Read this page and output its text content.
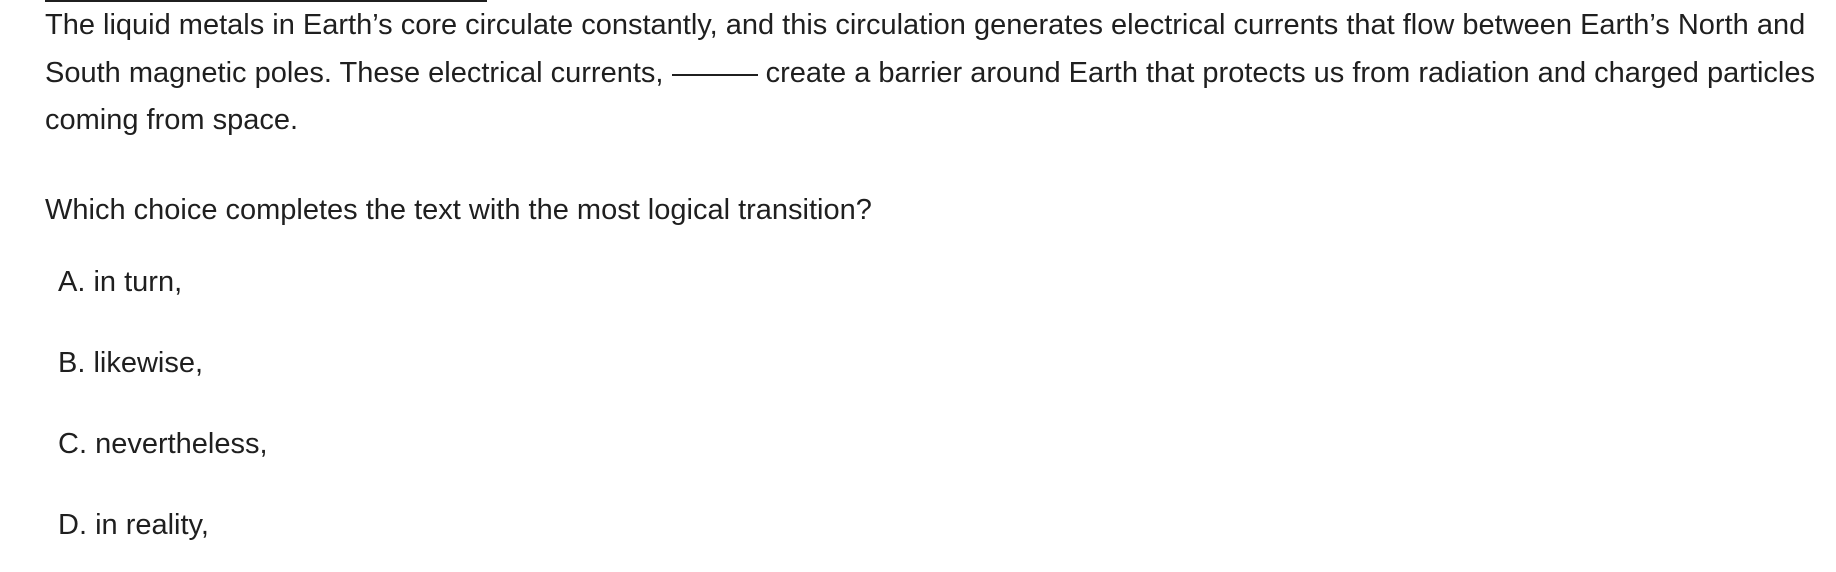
The liquid metals in Earth’s core circulate constantly, and this circulation generates electrical currents that flow between Earth’s North and South magnetic poles. These electrical currents,	create a barrier around Earth that protects us from radiation and charged particles coming from space.

Which choice completes the text with the most logical transition?

A. in turn,
B. likewise,
C. nevertheless,
D. in reality,
